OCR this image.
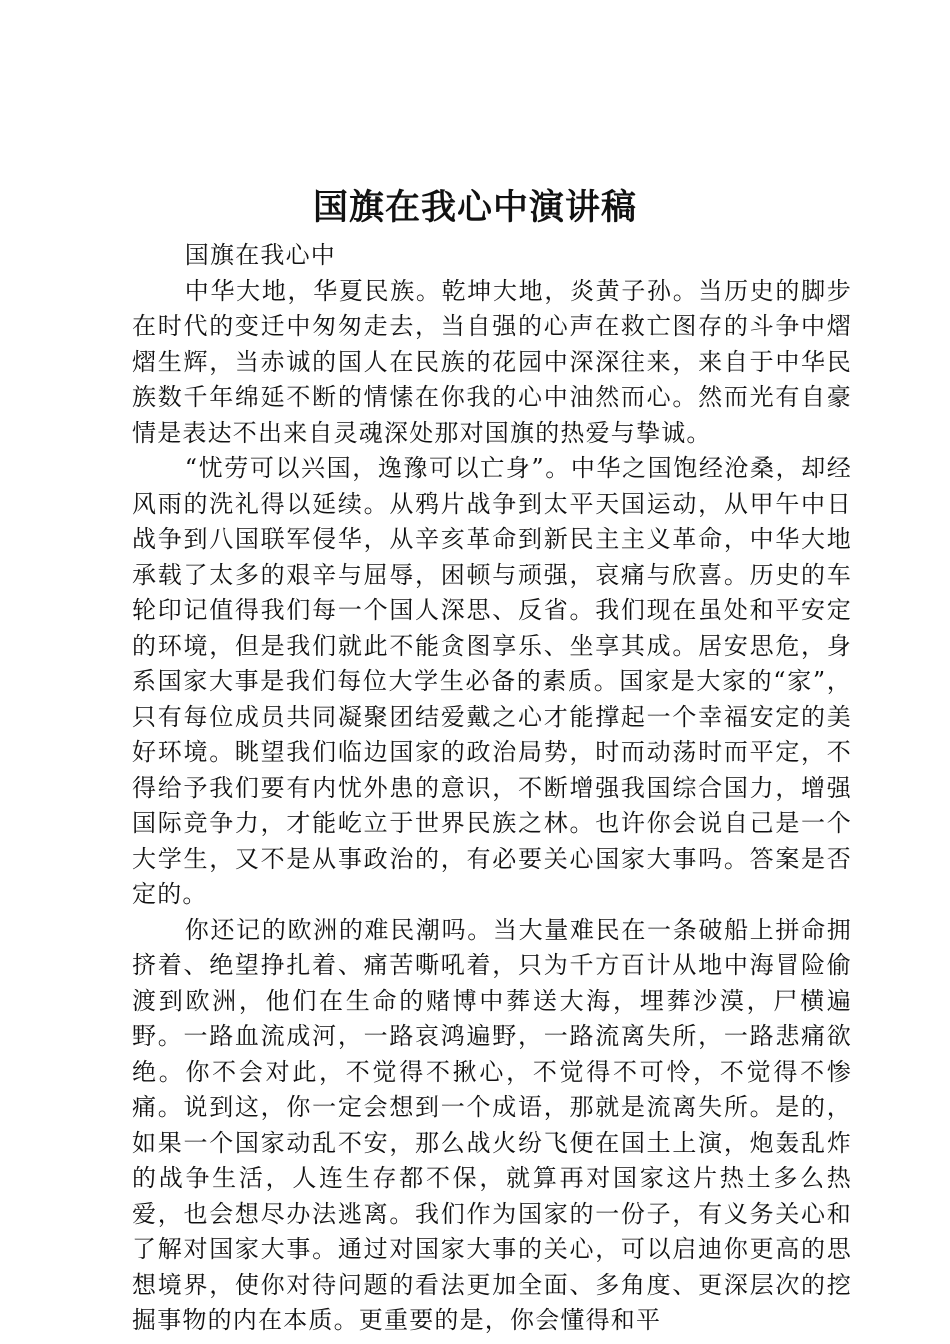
国旗在我心中演讲稿

国旗在我心中

中华大地，华夏民族。乾坤大地，炎黄子孙。当历史的脚步在时代的变迁中匆匆走去，当自强的心声在救亡图存的斗争中熠熠生辉，当赤诚的国人在民族的花园中深深往来，来自于中华民族数千年绵延不断的情愫在你我的心中油然而心。然而光有自豪情是表达不出来自灵魂深处那对国旗的热爱与挚诚。

“忧劳可以兴国，逸豫可以亡身”。中华之国饱经沧桑，却经风雨的洗礼得以延续。从鸦片战争到太平天国运动，从甲午中日战争到八国联军侵华，从辛亥革命到新民主主义革命，中华大地承载了太多的艰辛与屈辱，困顿与顽强，哀痛与欣喜。历史的车轮印记值得我们每一个国人深思、反省。我们现在虽处和平安定的环境，但是我们就此不能贪图享乐、坐享其成。居安思危，身系国家大事是我们每位大学生必备的素质。国家是大家的“家”，只有每位成员共同凝聚团结爱戴之心才能撑起一个幸福安定的美好环境。眺望我们临边国家的政治局势，时而动荡时而平定，不得给予我们要有内忧外患的意识，不断增强我国综合国力，增强国际竞争力，才能屹立于世界民族之林。也许你会说自己是一个大学生，又不是从事政治的，有必要关心国家大事吗。答案是否定的。

你还记的欧洲的难民潮吗。当大量难民在一条破船上拼命拥挤着、绝望挣扎着、痛苦嘶吼着，只为千方百计从地中海冒险偷渡到欧洲，他们在生命的赌博中葬送大海，埋葬沙漠，尸横遍野。一路血流成河，一路哀鸿遍野，一路流离失所，一路悲痛欲绝。你不会对此，不觉得不揪心，不觉得不可怜，不觉得不惨痛。说到这，你一定会想到一个成语，那就是流离失所。是的，如果一个国家动乱不安，那么战火纷飞便在国土上演，炮轰乱炸的战争生活，人连生存都不保，就算再对国家这片热土多么热爱，也会想尽办法逃离。我们作为国家的一份子，有义务关心和了解对国家大事。通过对国家大事的关心，可以启迪你更高的思想境界，使你对待问题的看法更加全面、多角度、更深层次的挖掘事物的内在本质。更重要的是，你会懂得和平
